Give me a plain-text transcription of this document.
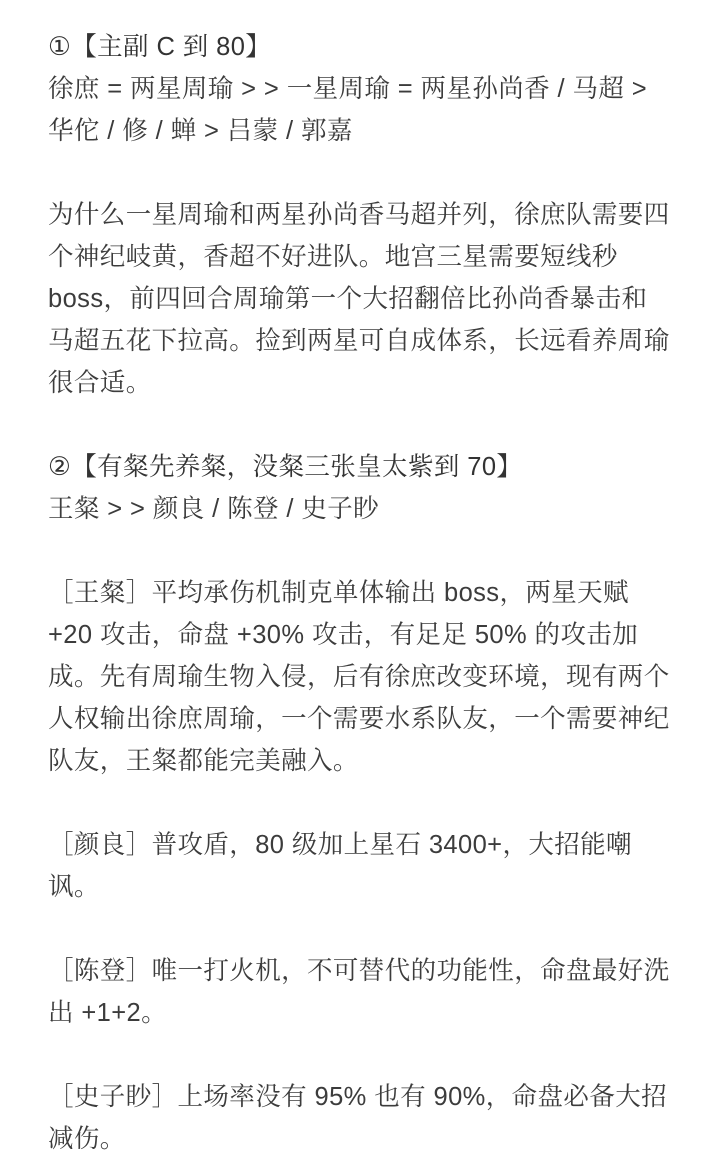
①【主副 C 到 80】
徐庶 = 两星周瑜 > > 一星周瑜 = 两星孙尚香 / 马超 > 华佗 / 修 / 蝉 > 吕蒙 / 郭嘉
为什么一星周瑜和两星孙尚香马超并列，徐庶队需要四个神纪岐黄，香超不好进队。地宫三星需要短线秒 boss，前四回合周瑜第一个大招翻倍比孙尚香暴击和马超五花下拉高。捡到两星可自成体系，长远看养周瑜很合适。
②【有粲先养粲，没粲三张皇太紫到 70】
王粲 > > 颜良 / 陈登 / 史子眇
［王粲］平均承伤机制克单体输出 boss，两星天赋 +20 攻击，命盘 +30% 攻击，有足足 50% 的攻击加成。先有周瑜生物入侵，后有徐庶改变环境，现有两个人权输出徐庶周瑜，一个需要水系队友，一个需要神纪队友，王粲都能完美融入。
［颜良］普攻盾，80 级加上星石 3400+，大招能嘲讽。
［陈登］唯一打火机，不可替代的功能性，命盘最好洗出 +1+2。
［史子眇］上场率没有 95% 也有 90%，命盘必备大招减伤。
